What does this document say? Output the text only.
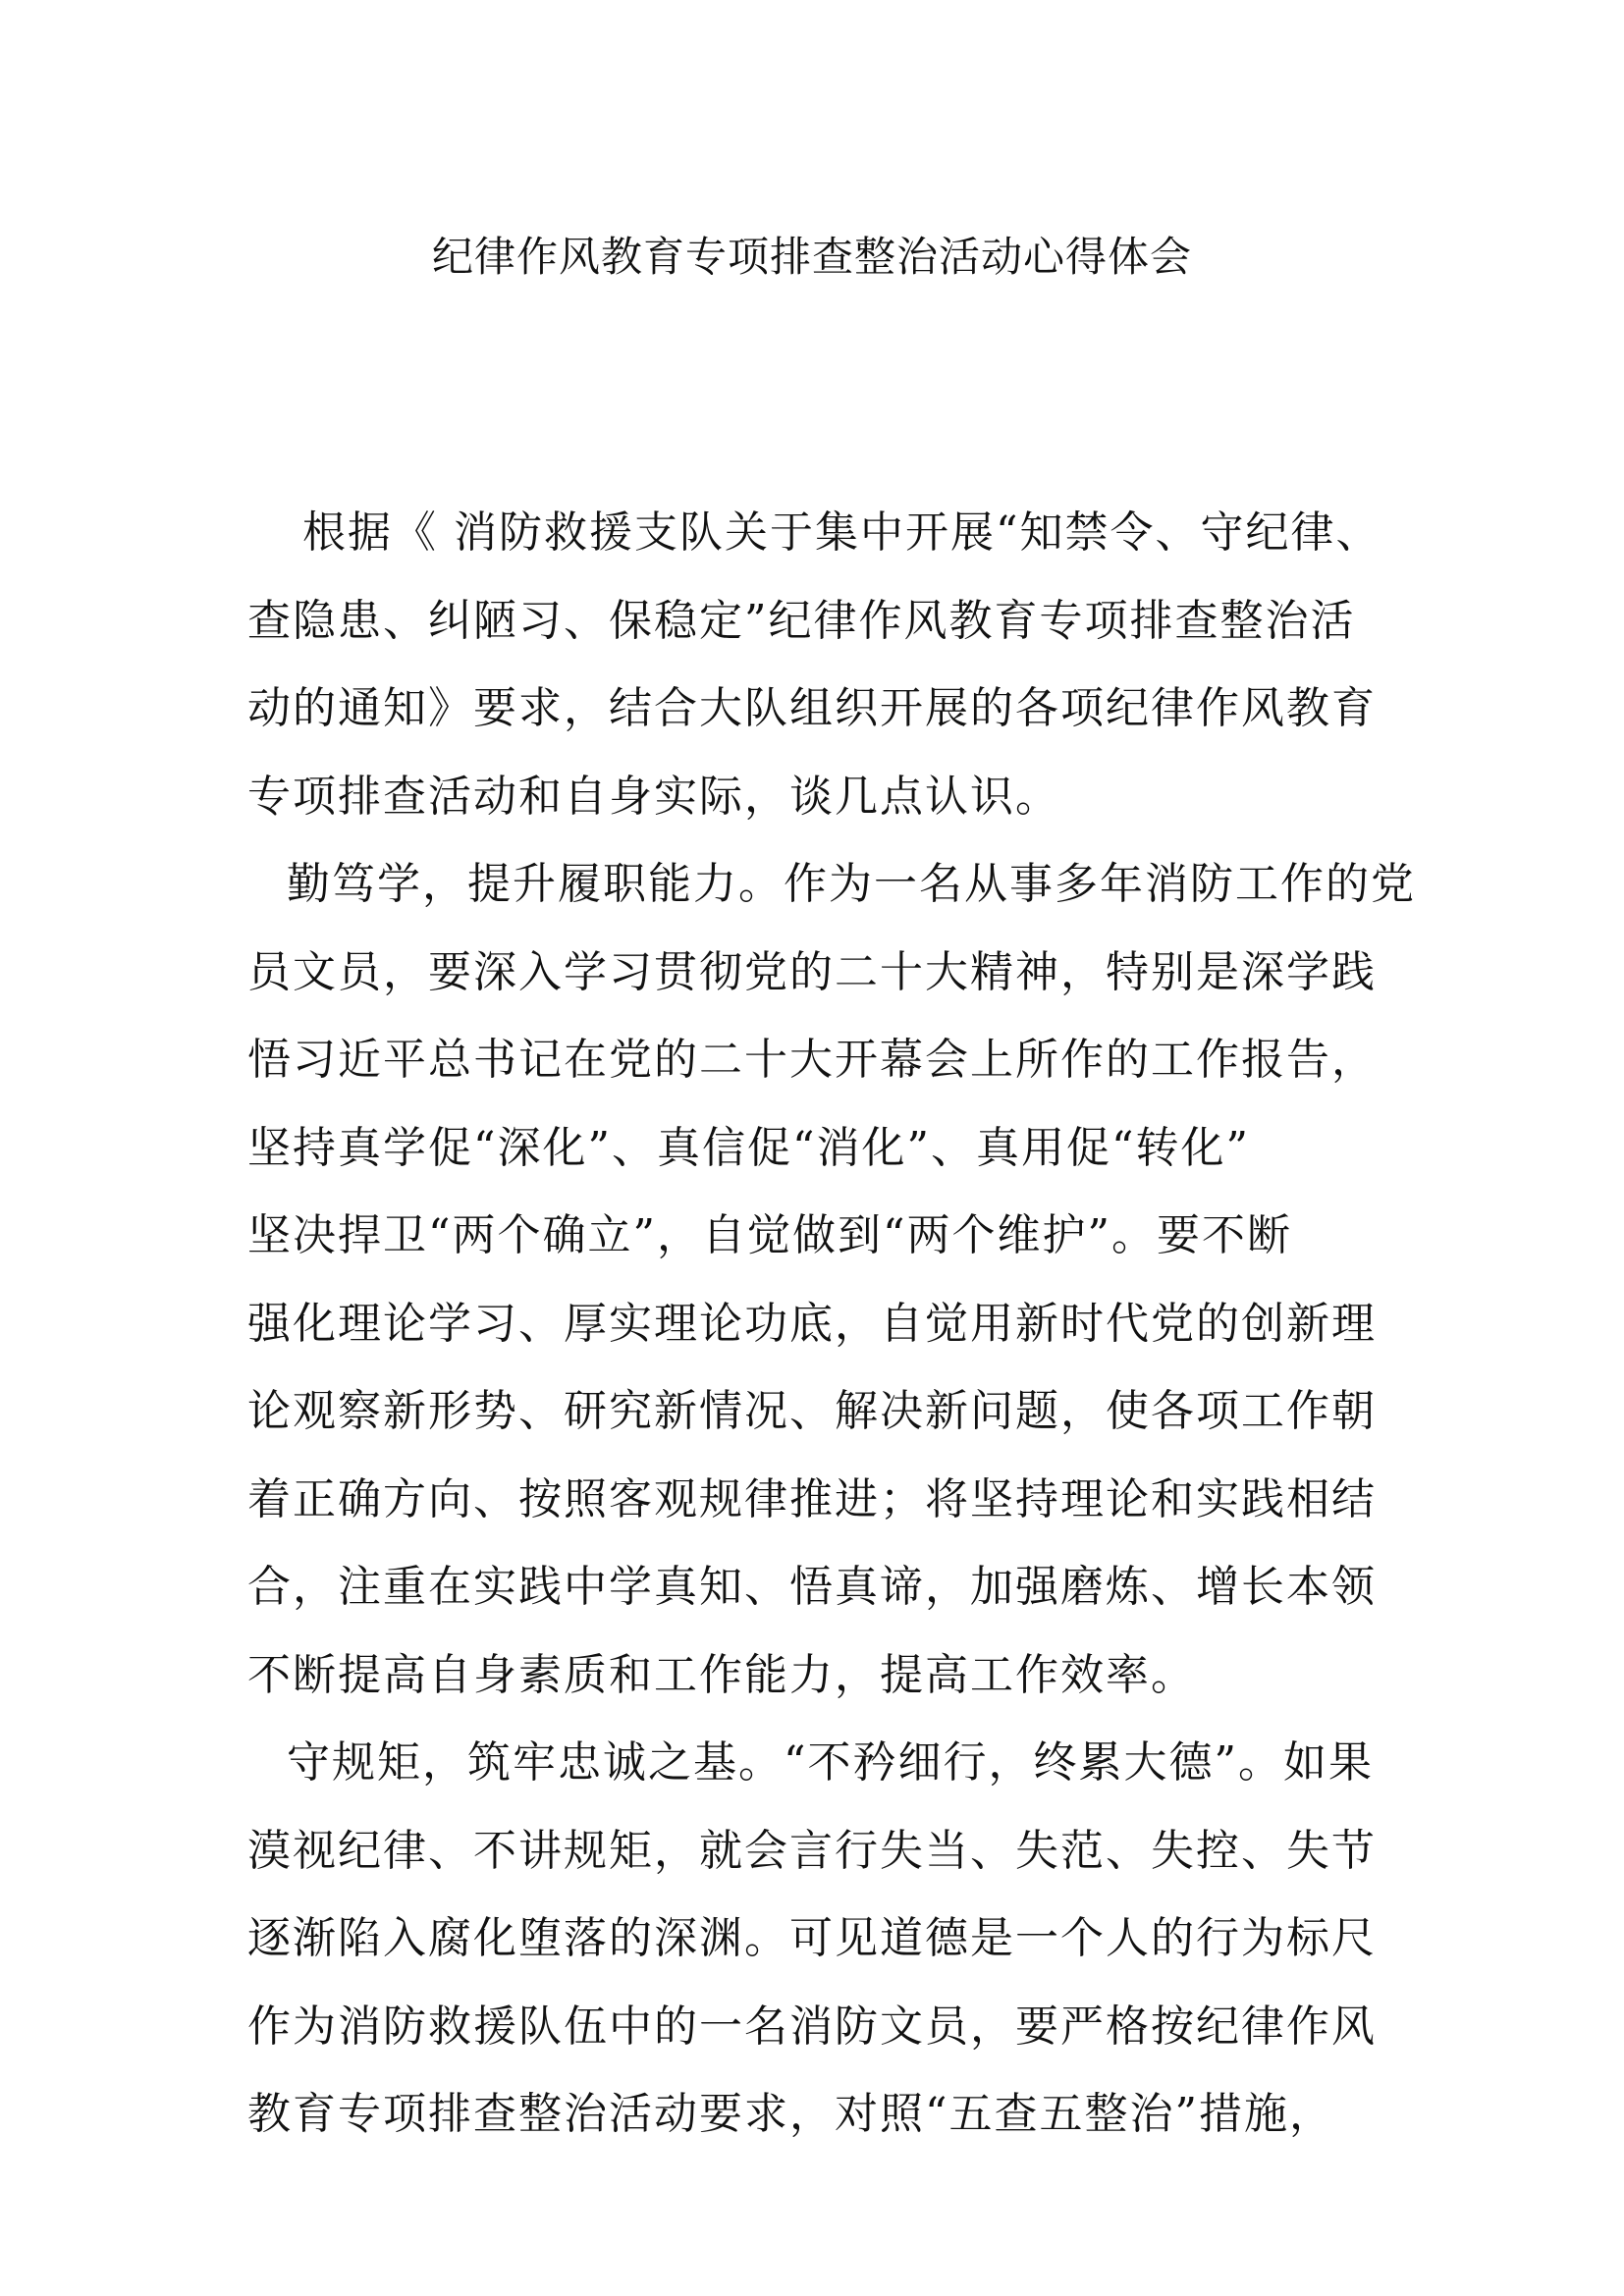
纪律作风教育专项排查整治活动心得体会
根据《 消防救援支队关于集中开展“知禁令、守纪律、
查隐患、纠陋习、保稳定”纪律作风教育专项排查整治活
动的通知》要求，结合大队组织开展的各项纪律作风教育
专项排查活动和自身实际，谈几点认识。
勤笃学，提升履职能力。作为一名从事多年消防工作的党
员文员，要深入学习贯彻党的二十大精神，特别是深学践
悟习近平总书记在党的二十大开幕会上所作的工作报告，
坚持真学促“深化”、真信促“消化”、真用促“转化”
坚决捍卫“两个确立”，自觉做到“两个维护”。要不断
强化理论学习、厚实理论功底，自觉用新时代党的创新理
论观察新形势、研究新情况、解决新问题，使各项工作朝
着正确方向、按照客观规律推进；将坚持理论和实践相结
合，注重在实践中学真知、悟真谛，加强磨炼、增长本领
不断提高自身素质和工作能力，提高工作效率。
守规矩，筑牢忠诚之基。“不矜细行，终累大德”。如果
漠视纪律、不讲规矩，就会言行失当、失范、失控、失节
逐渐陷入腐化堕落的深渊。可见道德是一个人的行为标尺
作为消防救援队伍中的一名消防文员，要严格按纪律作风
教育专项排查整治活动要求，对照“五查五整治”措施，
